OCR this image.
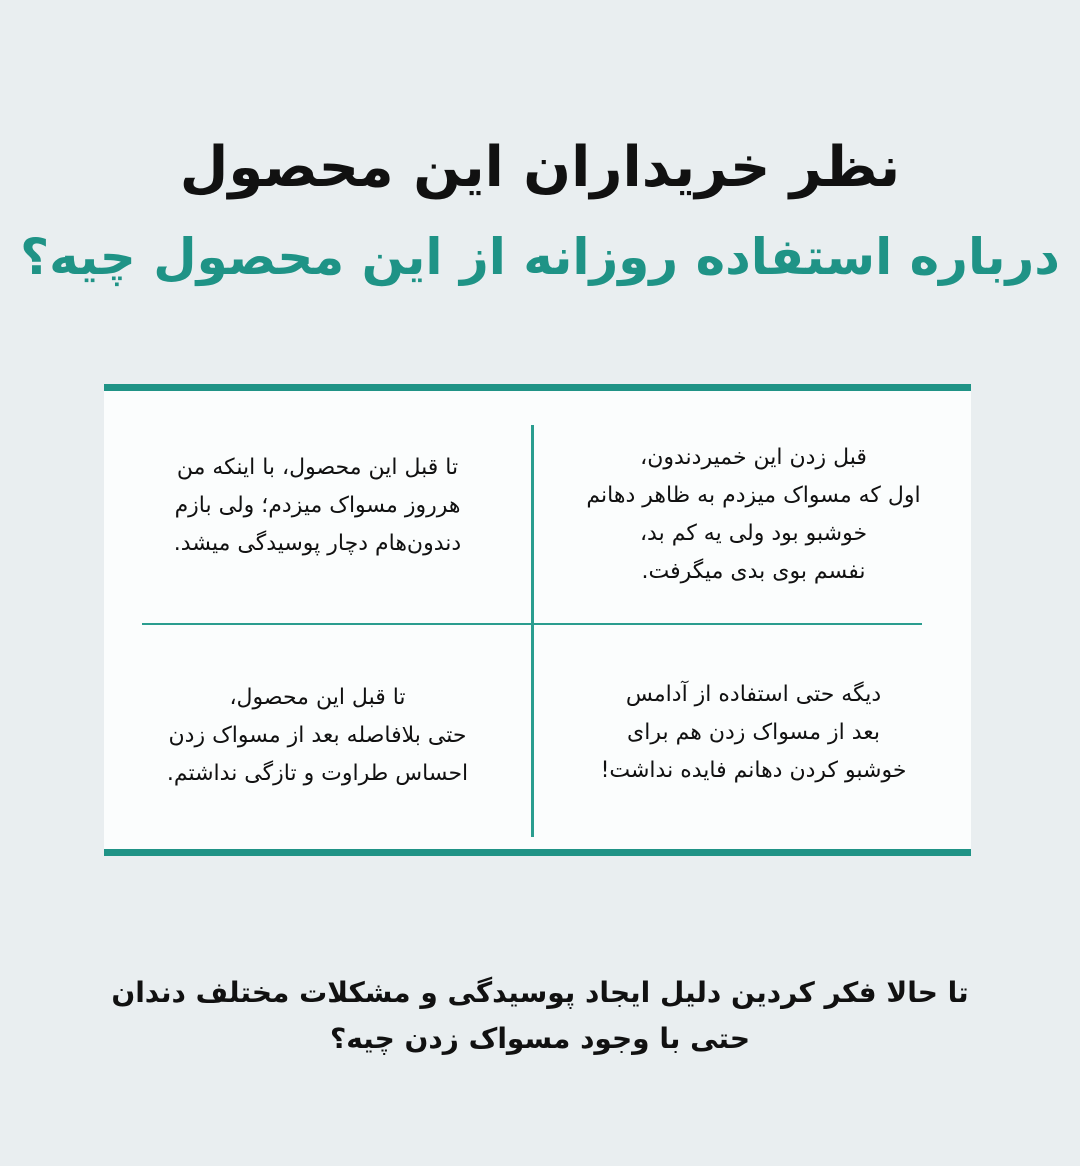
نظر خریداران این محصول
درباره استفاده روزانه از این محصول چیه؟
قبل زدن این خمیردندون،
اول که مسواک میزدم به ظاهر دهانم
خوشبو بود ولی یه کم بد،
نفسم بوی بدی میگرفت.
تا قبل این محصول، با اینکه من
هرروز مسواک میزدم؛ ولی بازم
دندون‌هام دچار پوسیدگی میشد.
دیگه حتی استفاده از آدامس
بعد از مسواک زدن هم برای
خوشبو کردن دهانم فایده نداشت!
تا قبل این محصول،
حتی بلافاصله بعد از مسواک زدن
احساس طراوت و تازگی نداشتم.
تا حالا فکر کردین دلیل ایجاد پوسیدگی و مشکلات مختلف دندان
حتی با وجود مسواک زدن چیه؟
